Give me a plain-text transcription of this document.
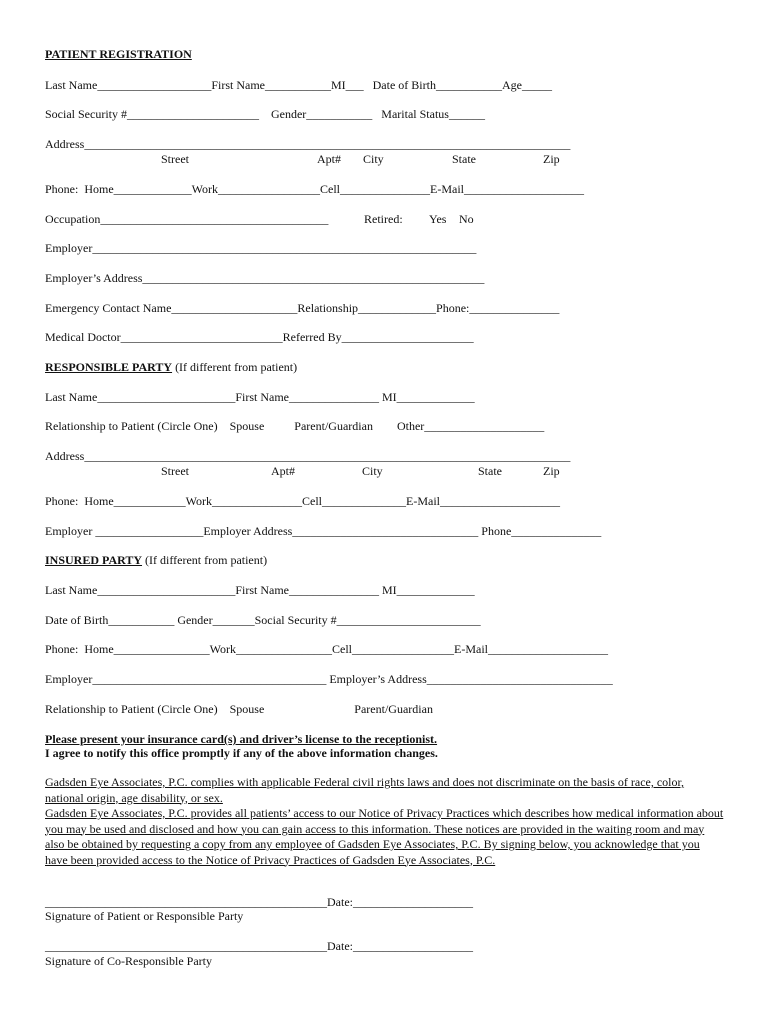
PATIENT REGISTRATION
Last Name___________________First Name___________MI___   Date of Birth___________Age_____
Social Security #______________________    Gender___________   Marital Status______
Address_________________________________________________________________________________
Street	Apt# City	State	Zip
Phone:  Home_____________Work_________________Cell_______________E-Mail____________________
Occupation______________________________________	Retired: Yes No
Employer________________________________________________________________
Employer’s Address_________________________________________________________
Emergency Contact Name_____________________Relationship_____________Phone:_______________
Medical Doctor___________________________Referred By______________________
RESPONSIBLE PARTY (If different from patient)
Last Name_______________________First Name_______________ MI_____________
Relationship to Patient (Circle One)    Spouse          Parent/Guardian        Other____________________
Address_________________________________________________________________________________
Street	Apt#	City	State	Zip
Phone:  Home____________Work_______________Cell______________E-Mail____________________
Employer __________________Employer Address_______________________________ Phone_______________
INSURED PARTY (If different from patient)
Last Name_______________________First Name_______________ MI_____________
Date of Birth___________ Gender_______Social Security #________________________
Phone:  Home________________Work________________Cell_________________E-Mail____________________
Employer_______________________________________ Employer’s Address_______________________________
Relationship to Patient (Circle One)    Spouse                              Parent/Guardian
Please present your insurance card(s) and driver’s license to the receptionist.
I agree to notify this office promptly if any of the above information changes.
Gadsden Eye Associates, P.C. complies with applicable Federal civil rights laws and does not discriminate on the basis of race, color, national origin, age disability, or sex.
Gadsden Eye Associates, P.C. provides all patients’ access to our Notice of Privacy Practices which describes how medical information about you may be used and disclosed and how you can gain access to this information. These notices are provided in the waiting room and may also be obtained by requesting a copy from any employee of Gadsden Eye Associates, P.C. By signing below, you acknowledge that you have been provided access to the Notice of Privacy Practices of Gadsden Eye Associates, P.C.
_______________________________________________Date:____________________
Signature of Patient or Responsible Party
_______________________________________________Date:____________________
Signature of Co-Responsible Party
